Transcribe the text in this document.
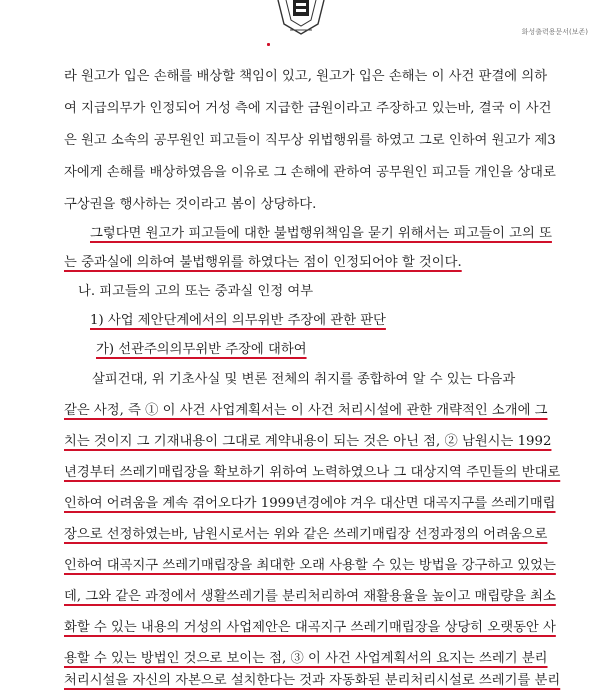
화성출력용문서(보존)
라 원고가 입은 손해를 배상할 책임이 있고, 원고가 입은 손해는 이 사건 판결에 의하
여 지급의무가 인정되어 거성 측에 지급한 금원이라고 주장하고 있는바, 결국 이 사건
은 원고 소속의 공무원인 피고들이 직무상 위법행위를 하였고 그로 인하여 원고가 제3
자에게 손해를 배상하였음을 이유로 그 손해에 관하여 공무원인 피고들 개인을 상대로
구상권을 행사하는 것이라고 봄이 상당하다.
그렇다면 원고가 피고들에 대한 불법행위책임을 묻기 위해서는 피고들이 고의 또
는 중과실에 의하여 불법행위를 하였다는 점이 인정되어야 할 것이다.
나. 피고들의 고의 또는 중과실 인정 여부
1) 사업 제안단계에서의 의무위반 주장에 관한 판단
가) 선관주의의무위반 주장에 대하여
살피건대, 위 기초사실 및 변론 전체의 취지를 종합하여 알 수 있는 다음과
같은 사정, 즉 ① 이 사건 사업계획서는 이 사건 처리시설에 관한 개략적인 소개에 그
치는 것이지 그 기재내용이 그대로 계약내용이 되는 것은 아닌 점, ② 남원시는 1992
년경부터 쓰레기매립장을 확보하기 위하여 노력하였으나 그 대상지역 주민들의 반대로
인하여 어려움을 계속 겪어오다가 1999년경에야 겨우 대산면 대곡지구를 쓰레기매립
장으로 선정하였는바, 남원시로서는 위와 같은 쓰레기매립장 선정과정의 어려움으로
인하여 대곡지구 쓰레기매립장을 최대한 오래 사용할 수 있는 방법을 강구하고 있었는
데, 그와 같은 과정에서 생활쓰레기를 분리처리하여 재활용율을 높이고 매립량을 최소
화할 수 있는 내용의 거성의 사업제안은 대곡지구 쓰레기매립장을 상당히 오랫동안 사
용할 수 있는 방법인 것으로 보이는 점, ③ 이 사건 사업계획서의 요지는 쓰레기 분리
처리시설을 자신의 자본으로 설치한다는 것과 자동화된 분리처리시설로 쓰레기를 분리
